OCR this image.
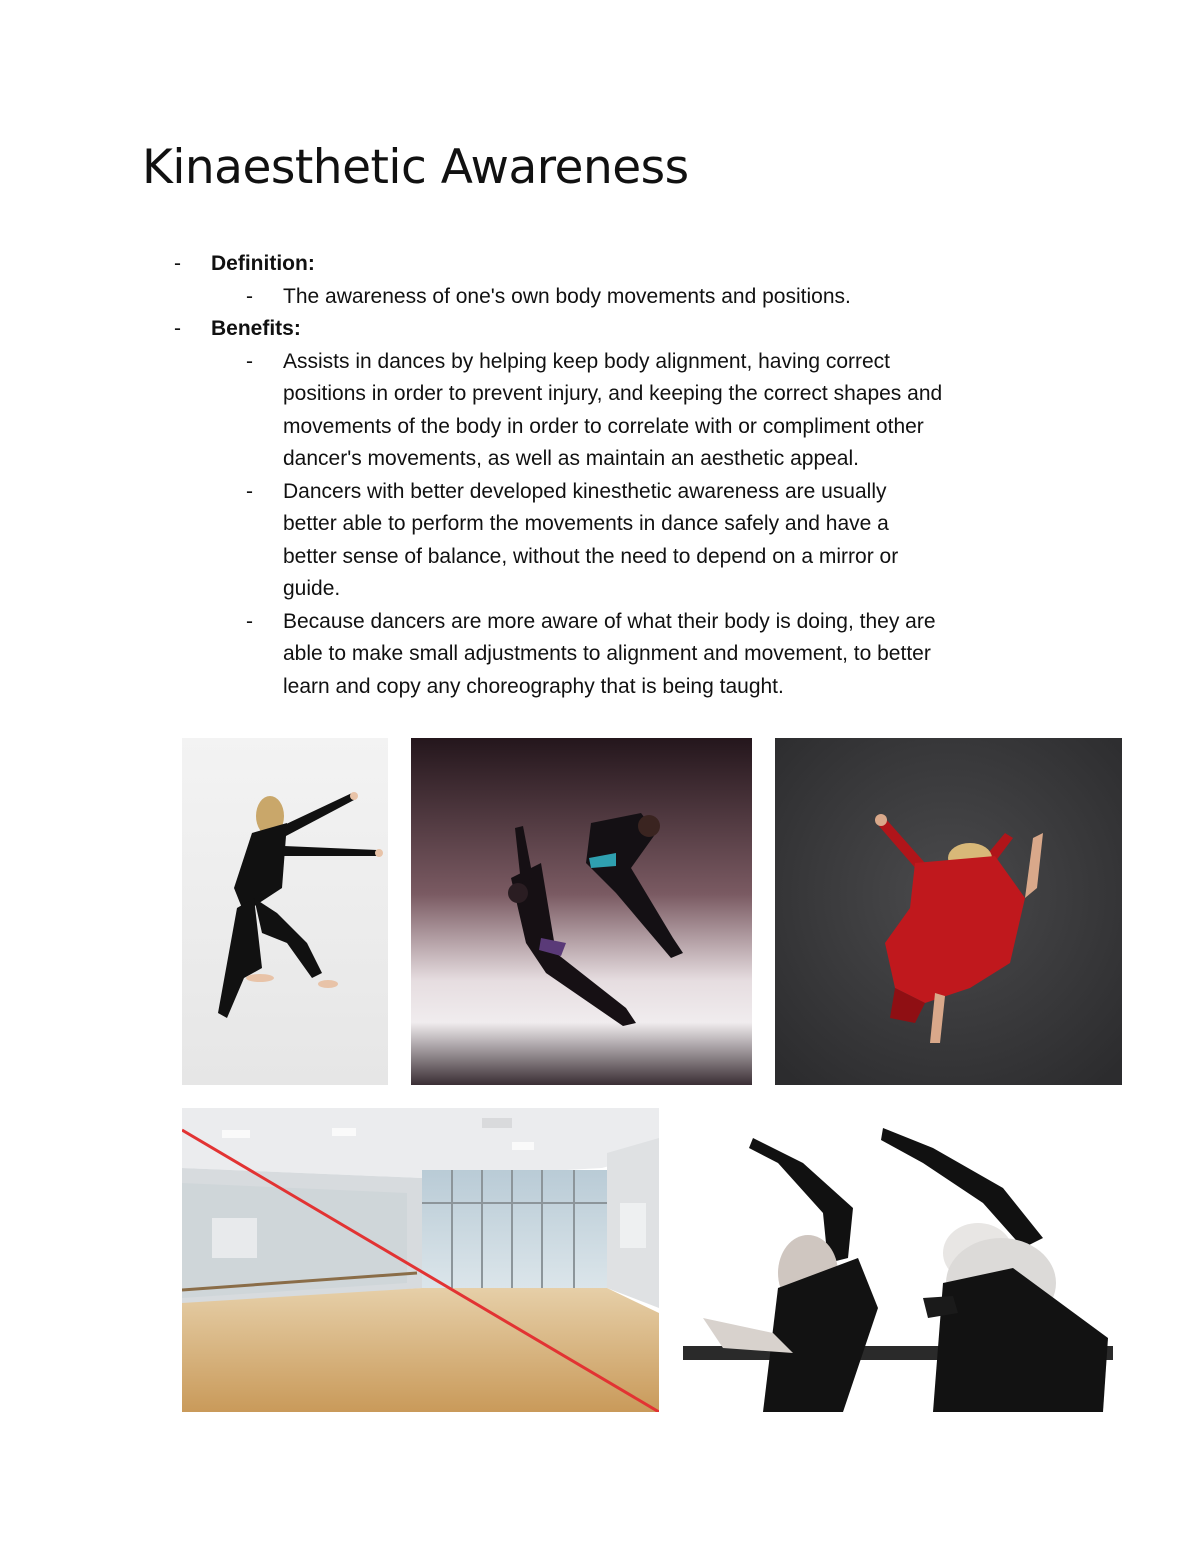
Kinaesthetic Awareness
- Definition:
- The awareness of one's own body movements and positions.
- Benefits:
- Assists in dances by helping keep body alignment, having correct
positions in order to prevent injury, and keeping the correct shapes and
movements of the body in order to correlate with or compliment other
dancer's movements, as well as maintain an aesthetic appeal.
- Dancers with better developed kinesthetic awareness are usually
better able to perform the movements in dance safely and have a
better sense of balance, without the need to depend on a mirror or
guide.
- Because dancers are more aware of what their body is doing, they are
able to make small adjustments to alignment and movement, to better
learn and copy any choreography that is being taught.
